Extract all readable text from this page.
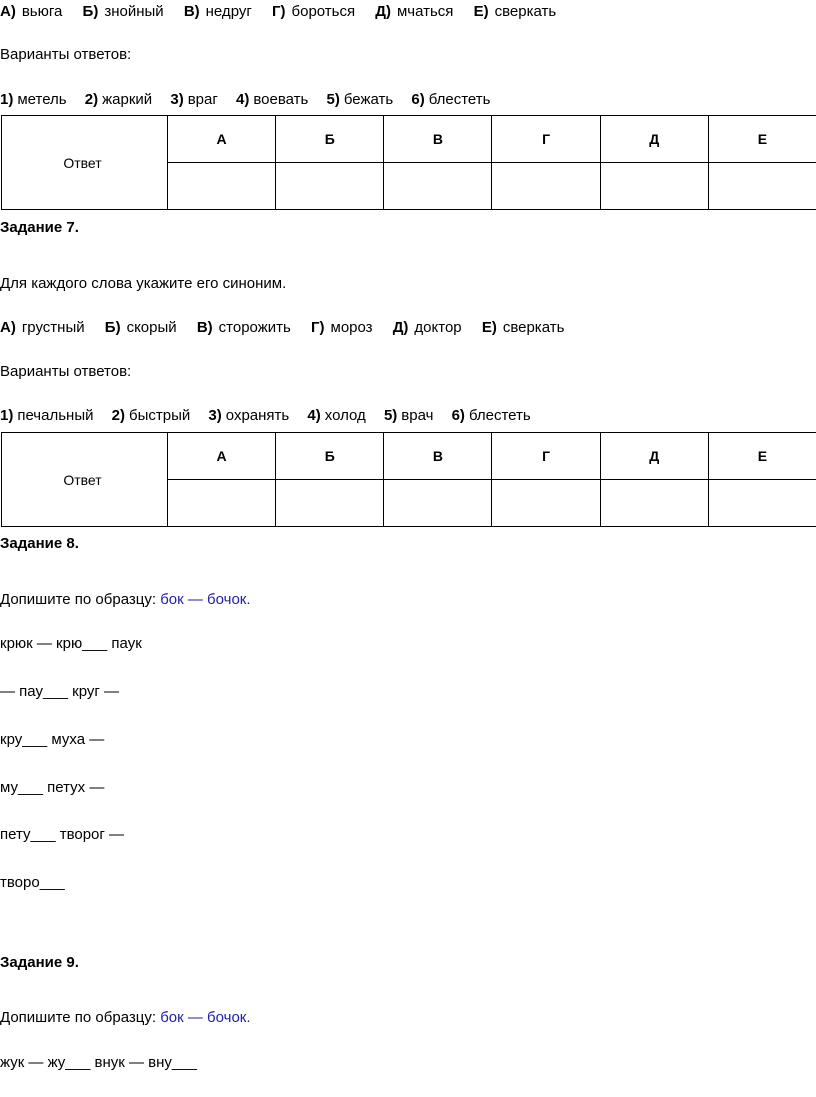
А) вьюга Б) знойный В) недруг Г) бороться Д) мчаться Е) сверкать
Варианты ответов:
1) метель 2) жаркий 3) враг 4) воевать 5) бежать 6) блестеть
Ответ	А	Б	В	Г	Д	Е

Задание 7.
Для каждого слова укажите его синоним.
А) грустный Б) скорый В) сторожить Г) мороз Д) доктор Е) сверкать
Варианты ответов:
1) печальный 2) быстрый 3) охранять 4) холод 5) врач 6) блестеть
Ответ	А	Б	В	Г	Д	Е

Задание 8.
Допишите по образцу: бок — бочок.
крюк — крю___ паук
— пау___ круг —
кру___ муха —
му___ петух —
пету___ творог —
творо___
Задание 9.
Допишите по образцу: бок — бочок.
жук — жу___ внук — вну___
